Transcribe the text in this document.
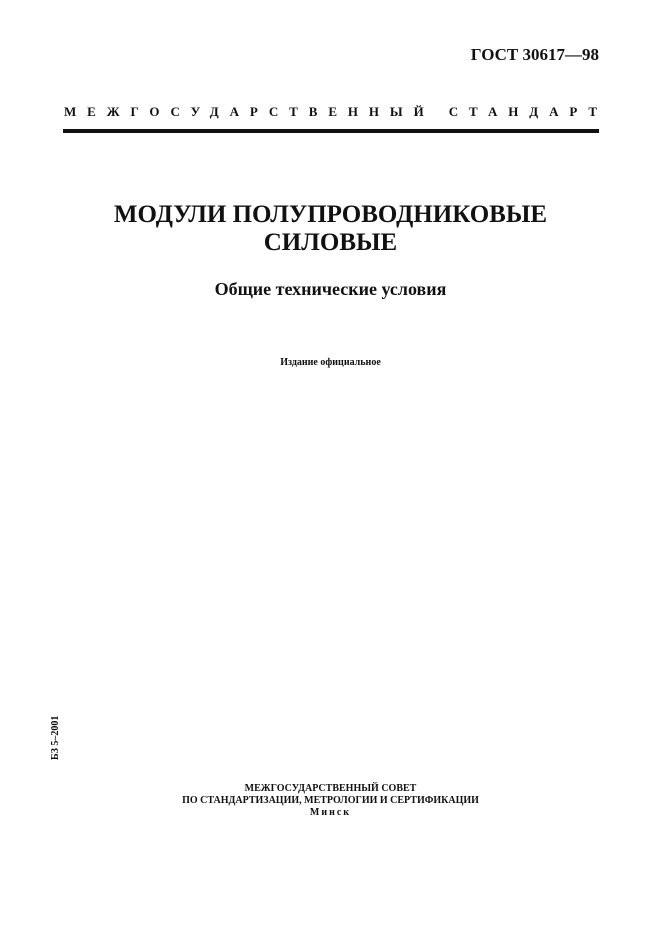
ГОСТ 30617—98
МЕЖГОСУДАРСТВЕННЫЙ СТАНДАРТ
МОДУЛИ ПОЛУПРОВОДНИКОВЫЕ
СИЛОВЫЕ
Общие технические условия
Издание официальное
БЗ 5–2001
МЕЖГОСУДАРСТВЕННЫЙ СОВЕТ
ПО СТАНДАРТИЗАЦИИ, МЕТРОЛОГИИ И СЕРТИФИКАЦИИ
Минск
